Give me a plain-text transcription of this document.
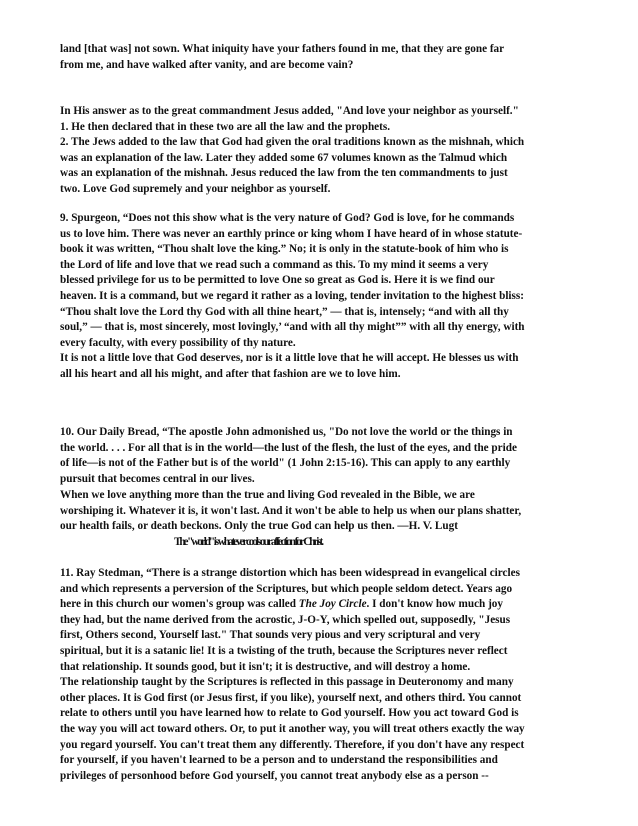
land [that was] not sown. What iniquity have your fathers found in me, that they are gone far

from me, and have walked after vanity, and are become vain?

In His answer as to the great commandment Jesus added, "And love your neighbor as yourself."

1. He then declared that in these two are all the law and the prophets.

2. The Jews added to the law that God had given the oral traditions known as the mishnah, which

was an explanation of the law. Later they added some 67 volumes known as the Talmud which

was an explanation of the mishnah. Jesus reduced the law from the ten commandments to just

two. Love God supremely and your neighbor as yourself.

9. Spurgeon, “Does not this show what is the very nature of God? God is love, for he commands

us to love him. There was never an earthly prince or king whom I have heard of in whose statute-

book it was written, “Thou shalt love the king.” No; it is only in the statute-book of him who is

the Lord of life and love that we read such a command as this. To my mind it seems a very

blessed privilege for us to be permitted to love One so great as God is. Here it is we find our

heaven. It is a command, but we regard it rather as a loving, tender invitation to the highest bliss:

“Thou shalt love the Lord thy God with all thine heart,” — that is, intensely; “and with all thy

soul,” — that is, most sincerely, most lovingly,’ “and with all thy might”” with all thy energy, with

every faculty, with every possibility of thy nature.

It is not a little love that God deserves, nor is it a little love that he will accept. He blesses us with

all his heart and all his might, and after that fashion are we to love him.

10. Our Daily Bread, “The apostle John admonished us, "Do not love the world or the things in

the world. . . . For all that is in the world—the lust of the flesh, the lust of the eyes, and the pride

of life—is not of the Father but is of the world" (1 John 2:15-16). This can apply to any earthly

pursuit that becomes central in our lives.

When we love anything more than the true and living God revealed in the Bible, we are

worshiping it. Whatever it is, it won't last. And it won't be able to help us when our plans shatter,

our health fails, or death beckons. Only the true God can help us then. —H. V. Lugt

The "world" is whatever cools our affection for Christ.

11. Ray Stedman, “There is a strange distortion which has been widespread in evangelical circles

and which represents a perversion of the Scriptures, but which people seldom detect. Years ago

here in this church our women's group was called The Joy Circle. I don't know how much joy

they had, but the name derived from the acrostic, J-O-Y, which spelled out, supposedly, "Jesus

first, Others second, Yourself last." That sounds very pious and very scriptural and very

spiritual, but it is a satanic lie! It is a twisting of the truth, because the Scriptures never reflect

that relationship. It sounds good, but it isn't; it is destructive, and will destroy a home.

The relationship taught by the Scriptures is reflected in this passage in Deuteronomy and many

other places. It is God first (or Jesus first, if you like), yourself next, and others third. You cannot

relate to others until you have learned how to relate to God yourself. How you act toward God is

the way you will act toward others. Or, to put it another way, you will treat others exactly the way

you regard yourself. You can't treat them any differently. Therefore, if you don't have any respect

for yourself, if you haven't learned to be a person and to understand the responsibilities and

privileges of personhood before God yourself, you cannot treat anybody else as a person --
